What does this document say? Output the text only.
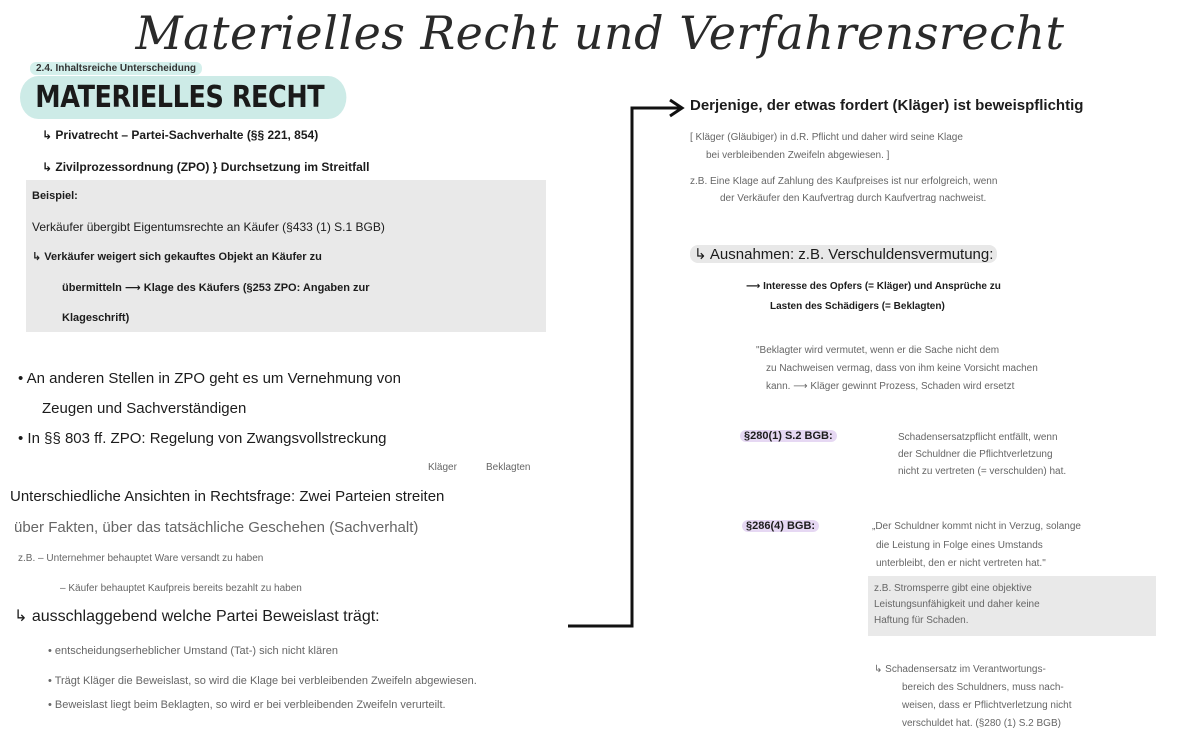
Materielles Recht und Verfahrensrecht
2.4. Inhaltsreiche Unterscheidung
MATERIELLES RECHT
↳ Privatrecht – Partei-Sachverhalte (§§ 221, 854)
↳ Zivilprozessordnung (ZPO) } Durchsetzung im Streitfall
Beispiel:
Verkäufer übergibt Eigentumsrechte an Käufer (§433 (1) S.1 BGB)
↳ Verkäufer weigert sich gekauftes Objekt an Käufer zu
übermitteln ⟶ Klage des Käufers (§253 ZPO: Angaben zur
Klageschrift)
• An anderen Stellen in ZPO geht es um Vernehmung von
Zeugen und Sachverständigen
• In §§ 803 ff. ZPO: Regelung von Zwangsvollstreckung
Kläger	Beklagten
Unterschiedliche Ansichten in Rechtsfrage: Zwei Parteien streiten
über Fakten, über das tatsächliche Geschehen (Sachverhalt)
z.B. – Unternehmer behauptet Ware versandt zu haben
– Käufer behauptet Kaufpreis bereits bezahlt zu haben
↳ ausschlaggebend welche Partei Beweislast trägt:
• entscheidungserheblicher Umstand (Tat-) sich nicht klären
• Trägt Kläger die Beweislast, so wird die Klage bei verbleibenden Zweifeln abgewiesen.
• Beweislast liegt beim Beklagten, so wird er bei verbleibenden Zweifeln verurteilt.
Derjenige, der etwas fordert (Kläger) ist beweispflichtig
[ Kläger (Gläubiger) in d.R. Pflicht und daher wird seine Klage
bei verbleibenden Zweifeln abgewiesen. ]
z.B. Eine Klage auf Zahlung des Kaufpreises ist nur erfolgreich, wenn
der Verkäufer den Kaufvertrag durch Kaufvertrag nachweist.
↳ Ausnahmen: z.B. Verschuldensvermutung:
⟶ Interesse des Opfers (= Kläger) und Ansprüche zu
Lasten des Schädigers (= Beklagten)
"Beklagter wird vermutet, wenn er die Sache nicht dem
zu Nachweisen vermag, dass von ihm keine Vorsicht machen
kann. ⟶ Kläger gewinnt Prozess, Schaden wird ersetzt
§280(1) S.2 BGB:	Schadensersatzpflicht entfällt, wenn
der Schuldner die Pflichtverletzung
nicht zu vertreten (= verschulden) hat.
§286(4) BGB:	„Der Schuldner kommt nicht in Verzug, solange
die Leistung in Folge eines Umstands
unterbleibt, den er nicht vertreten hat."
z.B. Stromsperre gibt eine objektive
Leistungsunfähigkeit und daher keine
Haftung für Schaden.
↳ Schadensersatz im Verantwortungs-
bereich des Schuldners, muss nach-
weisen, dass er Pflichtverletzung nicht
verschuldet hat. (§280 (1) S.2 BGB)
